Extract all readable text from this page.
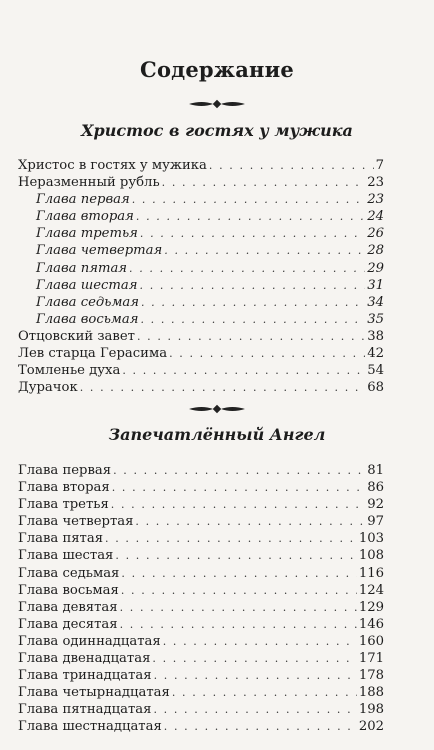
Содержание
Христос в гостях у мужика
Христос в гостях у мужика . . .	7
Неразменный рубль . . .	23
Глава первая . . .	23
Глава вторая . . .	24
Глава третья . . .	26
Глава четвертая . . .	28
Глава пятая . . .	29
Глава шестая . . .	31
Глава седьмая . . .	34
Глава восьмая . . .	35
Отцовский завет . . .	38
Лев старца Герасима . . .	42
Томленье духа . . .	54
Дурачок . . .	68
Запечатлённый Ангел
Глава первая . . .	81
Глава вторая . . .	86
Глава третья . . .	92
Глава четвертая . . .	97
Глава пятая . . .	103
Глава шестая . . .	108
Глава седьмая . . .	116
Глава восьмая . . .	124
Глава девятая . . .	129
Глава десятая . . .	146
Глава одиннадцатая . . .	160
Глава двенадцатая . . .	171
Глава тринадцатая . . .	178
Глава четырнадцатая . . .	188
Глава пятнадцатая . . .	198
Глава шестнадцатая . . .	202
